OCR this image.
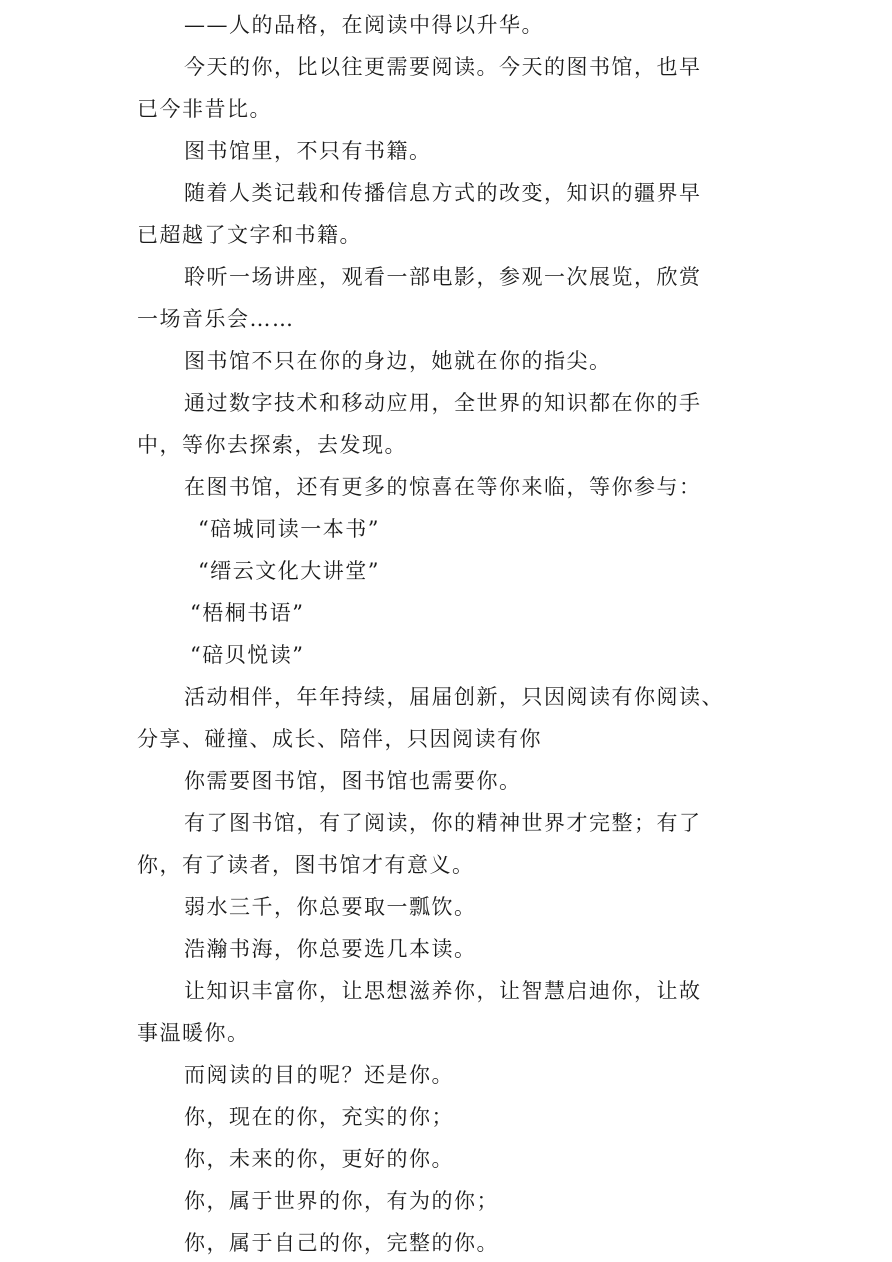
——人的品格，在阅读中得以升华。
今天的你，比以往更需要阅读。今天的图书馆，也早
已今非昔比。
图书馆里，不只有书籍。
随着人类记载和传播信息方式的改变，知识的疆界早
已超越了文字和书籍。
聆听一场讲座，观看一部电影，参观一次展览，欣赏
一场音乐会……
图书馆不只在你的身边，她就在你的指尖。
通过数字技术和移动应用，全世界的知识都在你的手
中，等你去探索，去发现。
在图书馆，还有更多的惊喜在等你来临，等你参与：
“碚城同读一本书”
“缙云文化大讲堂”
“梧桐书语”
“碚贝悦读”
活动相伴，年年持续，届届创新，只因阅读有你阅读、
分享、碰撞、成长、陪伴，只因阅读有你
你需要图书馆，图书馆也需要你。
有了图书馆，有了阅读，你的精神世界才完整；有了
你，有了读者，图书馆才有意义。
弱水三千，你总要取一瓢饮。
浩瀚书海，你总要选几本读。
让知识丰富你，让思想滋养你，让智慧启迪你，让故
事温暖你。
而阅读的目的呢？还是你。
你，现在的你，充实的你；
你，未来的你，更好的你。
你，属于世界的你，有为的你；
你，属于自己的你，完整的你。
